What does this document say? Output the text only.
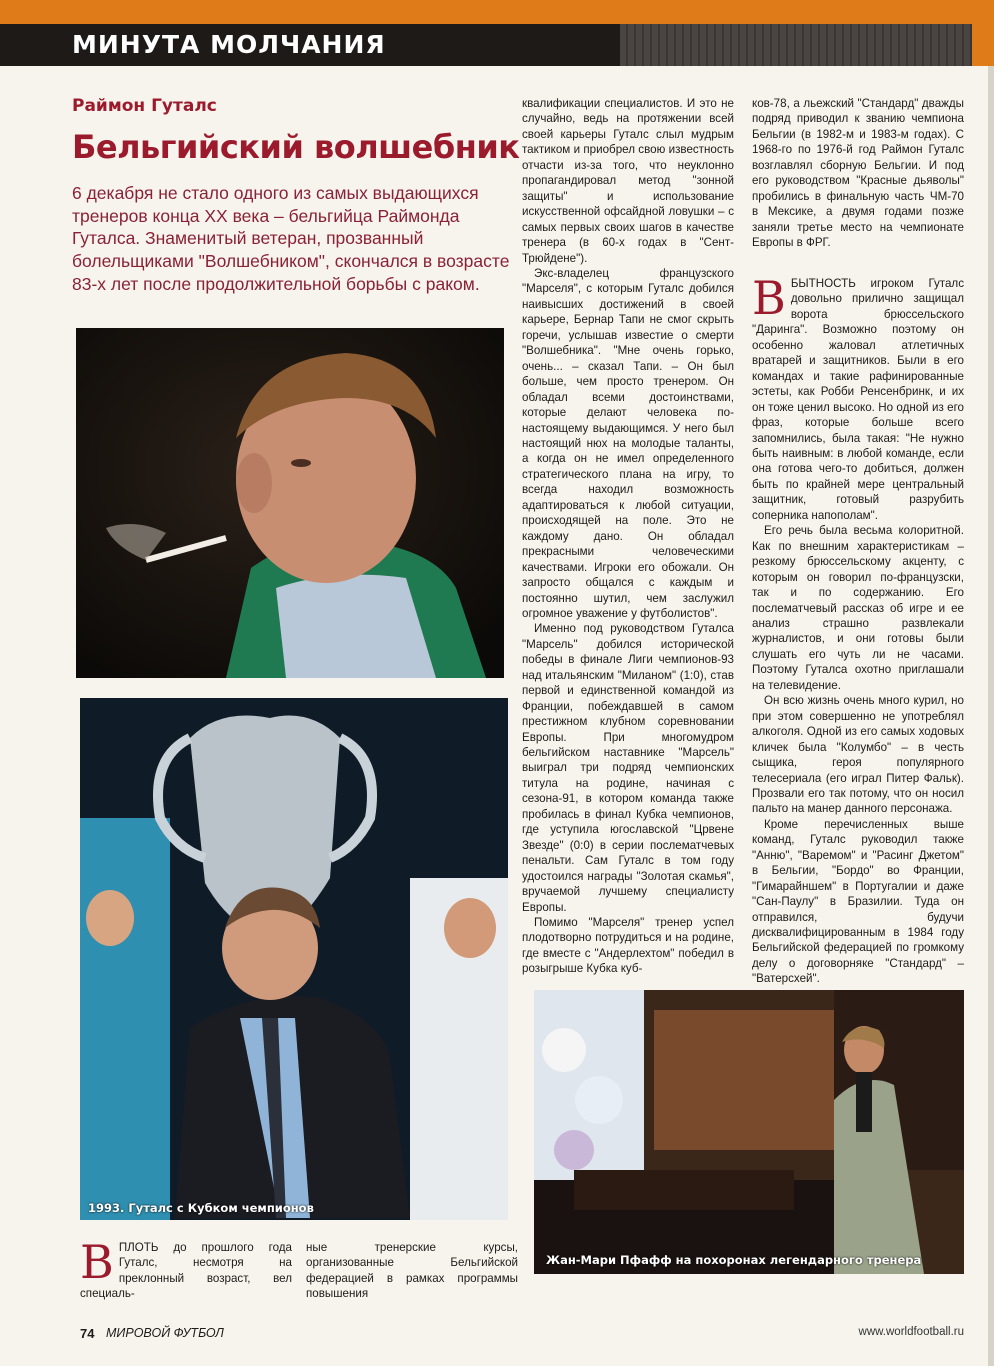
МИНУТА МОЛЧАНИЯ
Раймон Гуталс
Бельгийский волшебник

6 декабря не стало одного из самых выдающихся тренеров конца XX века – бельгийца Раймонда Гуталса. Знаменитый ветеран, прозванный болельщиками "Волшебником", скончался в возрасте 83-х лет после продолжительной борьбы с раком.

1993. Гуталс с Кубком чемпионов
Жан-Мари Пфафф на похоронах легендарного тренера

квалификации специалистов. И это не случайно, ведь на протяжении всей своей карьеры Гуталс слыл мудрым тактиком и приобрел свою известность отчасти из-за того, что неуклонно пропагандировал метод "зонной защиты" и использование искусственной офсайдной ловушки – с самых первых своих шагов в качестве тренера (в 60-х годах в "Сент-Трюйдене").

Экс-владелец французского "Марселя", с которым Гуталс добился наивысших достижений в своей карьере, Бернар Тапи не смог скрыть горечи, услышав известие о смерти "Волшебника". "Мне очень горько, очень... – сказал Тапи. – Он был больше, чем просто тренером. Он обладал всеми достоинствами, которые делают человека по-настоящему выдающимся. У него был настоящий нюх на молодые таланты, а когда он не имел определенного стратегического плана на игру, то всегда находил возможность адаптироваться к любой ситуации, происходящей на поле. Это не каждому дано. Он обладал прекрасными человеческими качествами. Игроки его обожали. Он запросто общался с каждым и постоянно шутил, чем заслужил огромное уважение у футболистов".

Именно под руководством Гуталса "Марсель" добился исторической победы в финале Лиги чемпионов-93 над итальянским "Миланом" (1:0), став первой и единственной командой из Франции, побеждавшей в самом престижном клубном соревновании Европы. При многомудром бельгийском наставнике "Марсель" выиграл три подряд чемпионских титула на родине, начиная с сезона-91, в котором команда также пробилась в финал Кубка чемпионов, где уступила югославской "Црвене Звезде" (0:0) в серии послематчевых пенальти. Сам Гуталс в том году удостоился награды "Золотая скамья", вручаемой лучшему специалисту Европы.

Помимо "Марселя" тренер успел плодотворно потрудиться и на родине, где вместе с "Андерлехтом" победил в розыгрыше Кубка куб-

ков-78, а льежский "Стандард" дважды подряд приводил к званию чемпиона Бельгии (в 1982-м и 1983-м годах). С 1968-го по 1976-й год Раймон Гуталс возглавлял сборную Бельгии. И под его руководством "Красные дьяволы" пробились в финальную часть ЧМ-70 в Мексике, а двумя годами позже заняли третье место на чемпионате Европы в ФРГ.

ВБЫТНОСТЬ игроком Гуталс довольно прилично защищал ворота брюссельского "Даринга". Возможно поэтому он особенно жаловал атлетичных вратарей и защитников. Были в его командах и такие рафинированные эстеты, как Робби Ренсенбринк, и их он тоже ценил высоко. Но одной из его фраз, которые больше всего запомнились, была такая: "Не нужно быть наивным: в любой команде, если она готова чего-то добиться, должен быть по крайней мере центральный защитник, готовый разрубить соперника напополам".

Его речь была весьма колоритной. Как по внешним характеристикам – резкому брюссельскому акценту, с которым он говорил по-французски, так и по содержанию. Его послематчевый рассказ об игре и ее анализ страшно развлекали журналистов, и они готовы были слушать его чуть ли не часами. Поэтому Гуталса охотно приглашали на телевидение.

Он всю жизнь очень много курил, но при этом совершенно не употреблял алкоголя. Одной из его самых ходовых кличек была "Колумбо" – в честь сыщика, героя популярного телесериала (его играл Питер Фальк). Прозвали его так потому, что он носил пальто на манер данного персонажа.

Кроме перечисленных выше команд, Гуталс руководил также "Анню", "Варемом" и "Расинг Джетом" в Бельгии, "Бордо" во Франции, "Гимарайншем" в Португалии и даже "Сан-Паулу" в Бразилии. Туда он отправился, будучи дисквалифицированным в 1984 году Бельгийской федерацией по громкому делу о договорняке "Стандард" – "Ватерсхей".

ВПЛОТЬ до прошлого года Гуталс, несмотря на преклонный возраст, вел специаль-
ные тренерские курсы, организованные Бельгийской федерацией в рамках программы повышения
74 МИРОВОЙ ФУТБОЛ	www.worldfootball.ru
